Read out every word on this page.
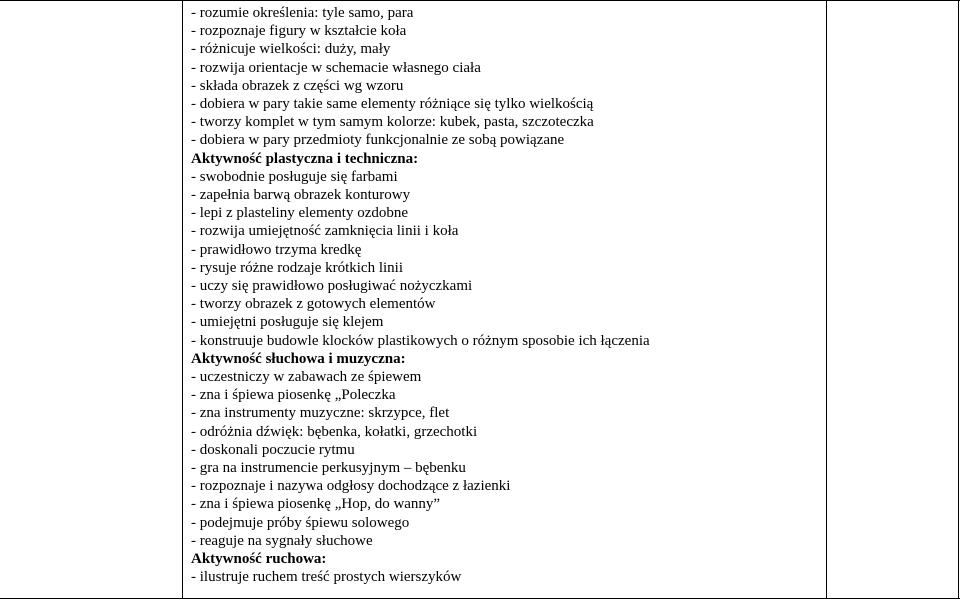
- rozumie określenia: tyle samo, para
- rozpoznaje figury w kształcie koła
- różnicuje wielkości: duży, mały
- rozwija orientacje w schemacie własnego ciała
- składa obrazek z części wg wzoru
- dobiera w pary takie same elementy różniące się tylko wielkością
- tworzy komplet w tym samym kolorze: kubek, pasta, szczoteczka
- dobiera w pary przedmioty funkcjonalnie ze sobą powiązane
Aktywność plastyczna i techniczna:
- swobodnie posługuje się farbami
- zapełnia barwą obrazek konturowy
- lepi z plasteliny elementy ozdobne
- rozwija umiejętność zamknięcia linii i koła
- prawidłowo trzyma kredkę
- rysuje różne rodzaje krótkich linii
- uczy się prawidłowo posługiwać nożyczkami
- tworzy obrazek z gotowych elementów
- umiejętni posługuje się klejem
- konstruuje budowle klocków plastikowych o różnym sposobie ich łączenia
Aktywność słuchowa i muzyczna:
- uczestniczy w zabawach ze śpiewem
- zna i śpiewa piosenkę „Poleczka
- zna instrumenty muzyczne: skrzypce, flet
- odróżnia dźwięk: bębenka, kołatki, grzechotki
- doskonali poczucie rytmu
- gra na instrumencie perkusyjnym – bębenku
- rozpoznaje i nazywa odgłosy dochodzące z łazienki
- zna i śpiewa piosenkę „Hop, do wanny”
- podejmuje próby śpiewu solowego
- reaguje na sygnały słuchowe
Aktywność ruchowa:
- ilustruje ruchem treść prostych wierszyków
